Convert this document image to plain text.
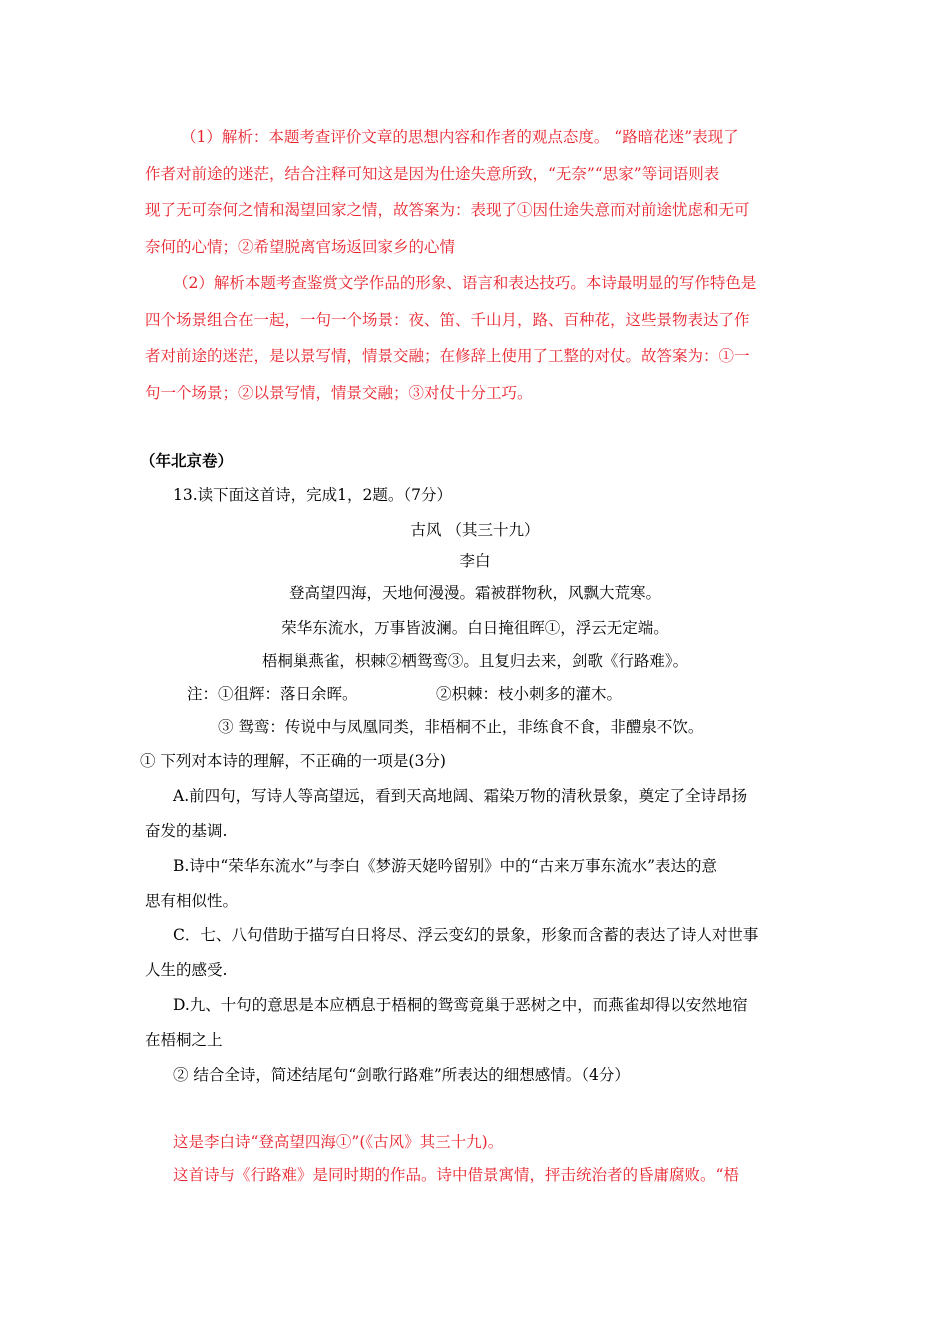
（1）解析：本题考查评价文章的思想内容和作者的观点态度。 “路暗花迷”表现了
作者对前途的迷茫，结合注释可知这是因为仕途失意所致，“无奈”“思家”等词语则表
现了无可奈何之情和渴望回家之情，故答案为：表现了①因仕途失意而对前途忧虑和无可
奈何的心情；②希望脱离官场返回家乡的心情
（2）解析本题考查鉴赏文学作品的形象、语言和表达技巧。本诗最明显的写作特色是
四个场景组合在一起，一句一个场景：夜、笛、千山月，路、百种花，这些景物表达了作
者对前途的迷茫，是以景写情，情景交融；在修辞上使用了工整的对仗。故答案为：①一
句一个场景；②以景写情，情景交融；③对仗十分工巧。
（年北京卷）
13.读下面这首诗，完成1，2题。（7分）
古风 （其三十九）
李白
登高望四海，天地何漫漫。霜被群物秋，风飘大荒寒。
荣华东流水，万事皆波澜。白日掩徂晖①，浮云无定端。
梧桐巢燕雀，枳棘②栖鸳鸾③。且复归去来，剑歌《行路难》。
注：①徂辉：落日余晖。	②枳棘：枝小刺多的灌木。
③ 鸳鸾：传说中与凤凰同类，非梧桐不止，非练食不食，非醴泉不饮。
① 下列对本诗的理解，不正确的一项是(3分)
A.前四句，写诗人等高望远，看到天高地阔、霜染万物的清秋景象，奠定了全诗昂扬
奋发的基调.
B.诗中“荣华东流水”与李白《梦游天姥吟留别》中的“古来万事东流水”表达的意
思有相似性。
C．七、八句借助于描写白日将尽、浮云变幻的景象，形象而含蓄的表达了诗人对世事
人生的感受.
D.九、十句的意思是本应栖息于梧桐的鸳鸾竟巢于恶树之中，而燕雀却得以安然地宿
在梧桐之上
② 结合全诗，简述结尾句“剑歌行路难”所表达的细想感情。（4分）
这是李白诗“登高望四海①”(《古风》其三十九)。
这首诗与《行路难》是同时期的作品。诗中借景寓情，抨击统治者的昏庸腐败。“梧
